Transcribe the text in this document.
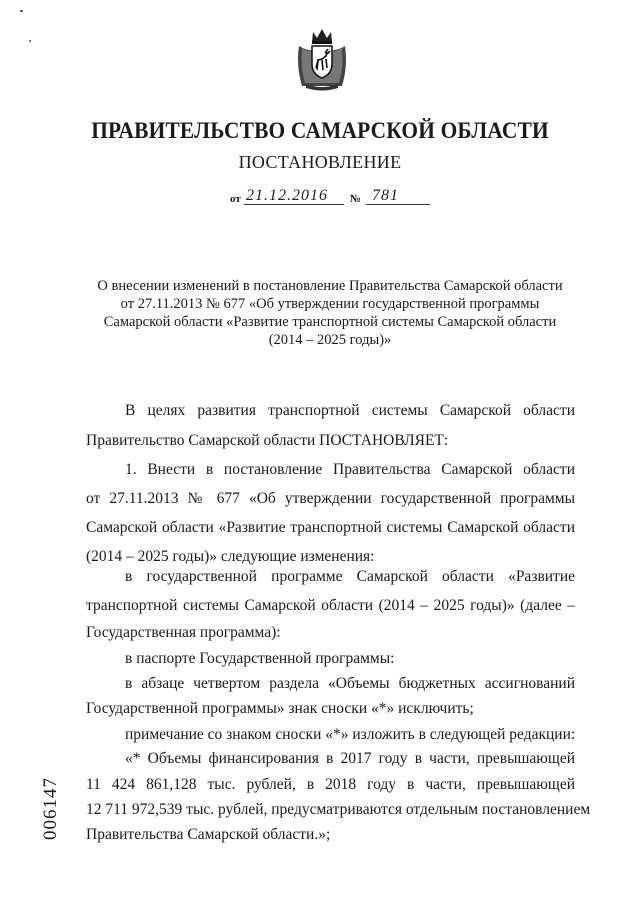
ПРАВИТЕЛЬСТВО САМАРСКОЙ ОБЛАСТИ
ПОСТАНОВЛЕНИЕ
от 21.12.2016 № 781
О внесении изменений в постановление Правительства Самарской области
от 27.11.2013 № 677 «Об утверждении государственной программы
Самарской области «Развитие транспортной системы Самарской области
(2014 – 2025 годы)»
В целях развития транспортной системы Самарской области
Правительство Самарской области ПОСТАНОВЛЯЕТ:
1. Внести в постановление Правительства Самарской области
от 27.11.2013 № 677 «Об утверждении государственной программы
Самарской области «Развитие транспортной системы Самарской области
(2014 – 2025 годы)» следующие изменения:
в государственной программе Самарской области «Развитие
транспортной системы Самарской области (2014 – 2025 годы)» (далее –
Государственная программа):
в паспорте Государственной программы:
в абзаце четвертом раздела «Объемы бюджетных ассигнований
Государственной программы» знак сноски «*» исключить;
примечание со знаком сноски «*» изложить в следующей редакции:
«* Объемы финансирования в 2017 году в части, превышающей
11 424 861,128 тыс. рублей, в 2018 году в части, превышающей
12 711 972,539 тыс. рублей, предусматриваются отдельным постановлением
Правительства Самарской области.»;
006147
